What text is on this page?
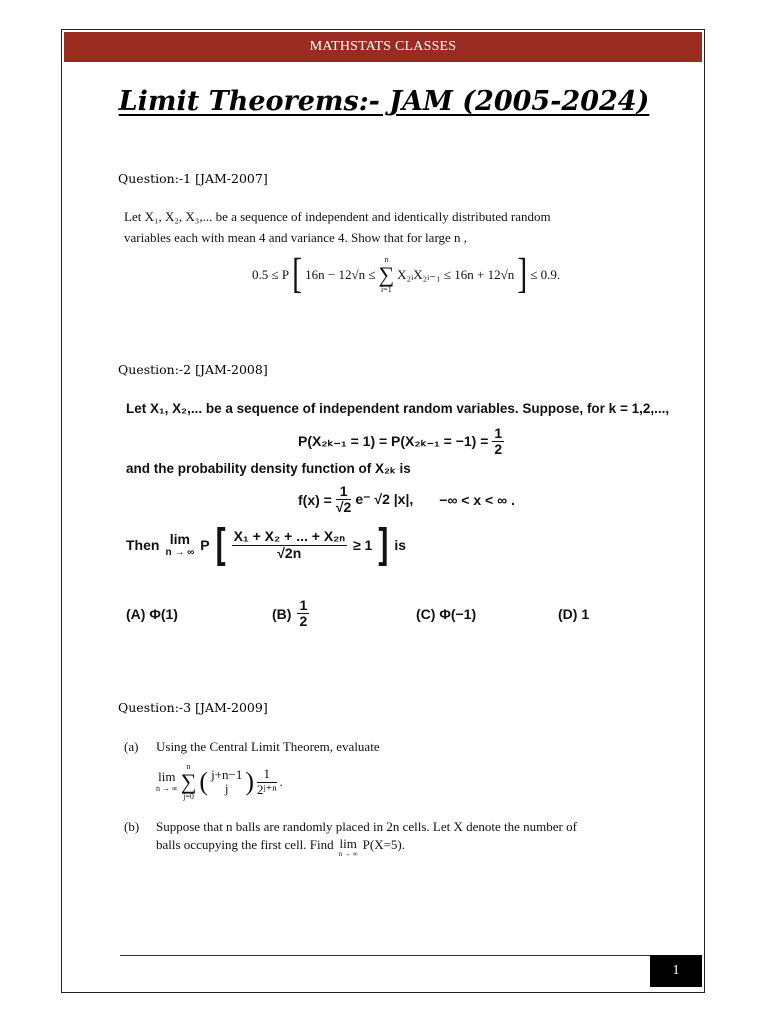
MATHSTATS CLASSES
Limit Theorems:- JAM (2005-2024)
Question:-1 [JAM-2007]
Let X₁, X₂, X₃,... be a sequence of independent and identically distributed random
variables each with mean 4 and variance 4. Show that for large n ,
0.5 ≤ P [ 16n − 12√n ≤
n
∑
i=1
X₂ᵢX₂ᵢ₋₁ ≤ 16n + 12√n ] ≤ 0.9.
Question:-2 [JAM-2008]
Let X₁, X₂,... be a sequence of independent random variables. Suppose, for k = 1,2,...,
$P(X_{2k-1} = 1) = P(X_{2k-1} = -1) = \frac{1}{2}$
and the probability density function of X₂ₖ is
$f(x) = \frac{1}{√2} e^-$ √2 |x|, −∞ < x < ∞ .
Then lim
n → ∞ P [ $\frac{\text{X₁ + X₂ + ... + X₂ₙ}}{√2n} \ge 1$ ] is
(A) Φ(1)	$(B) \frac{1}{2}$	(C) Φ(−1)	(D) 1
Question:-3 [JAM-2009]
(a) Using the Central Limit Theorem, evaluate
lim
n → ∞
n
∑
j=0
( j+n−1
j ) $\frac{1}{\text{2ʲ⁺ⁿ}}$ .
(b) Suppose that n balls are randomly placed in 2n cells. Let X denote the number of
balls occupying the first cell. Find lim
n → ∞
P(X=5).
1
